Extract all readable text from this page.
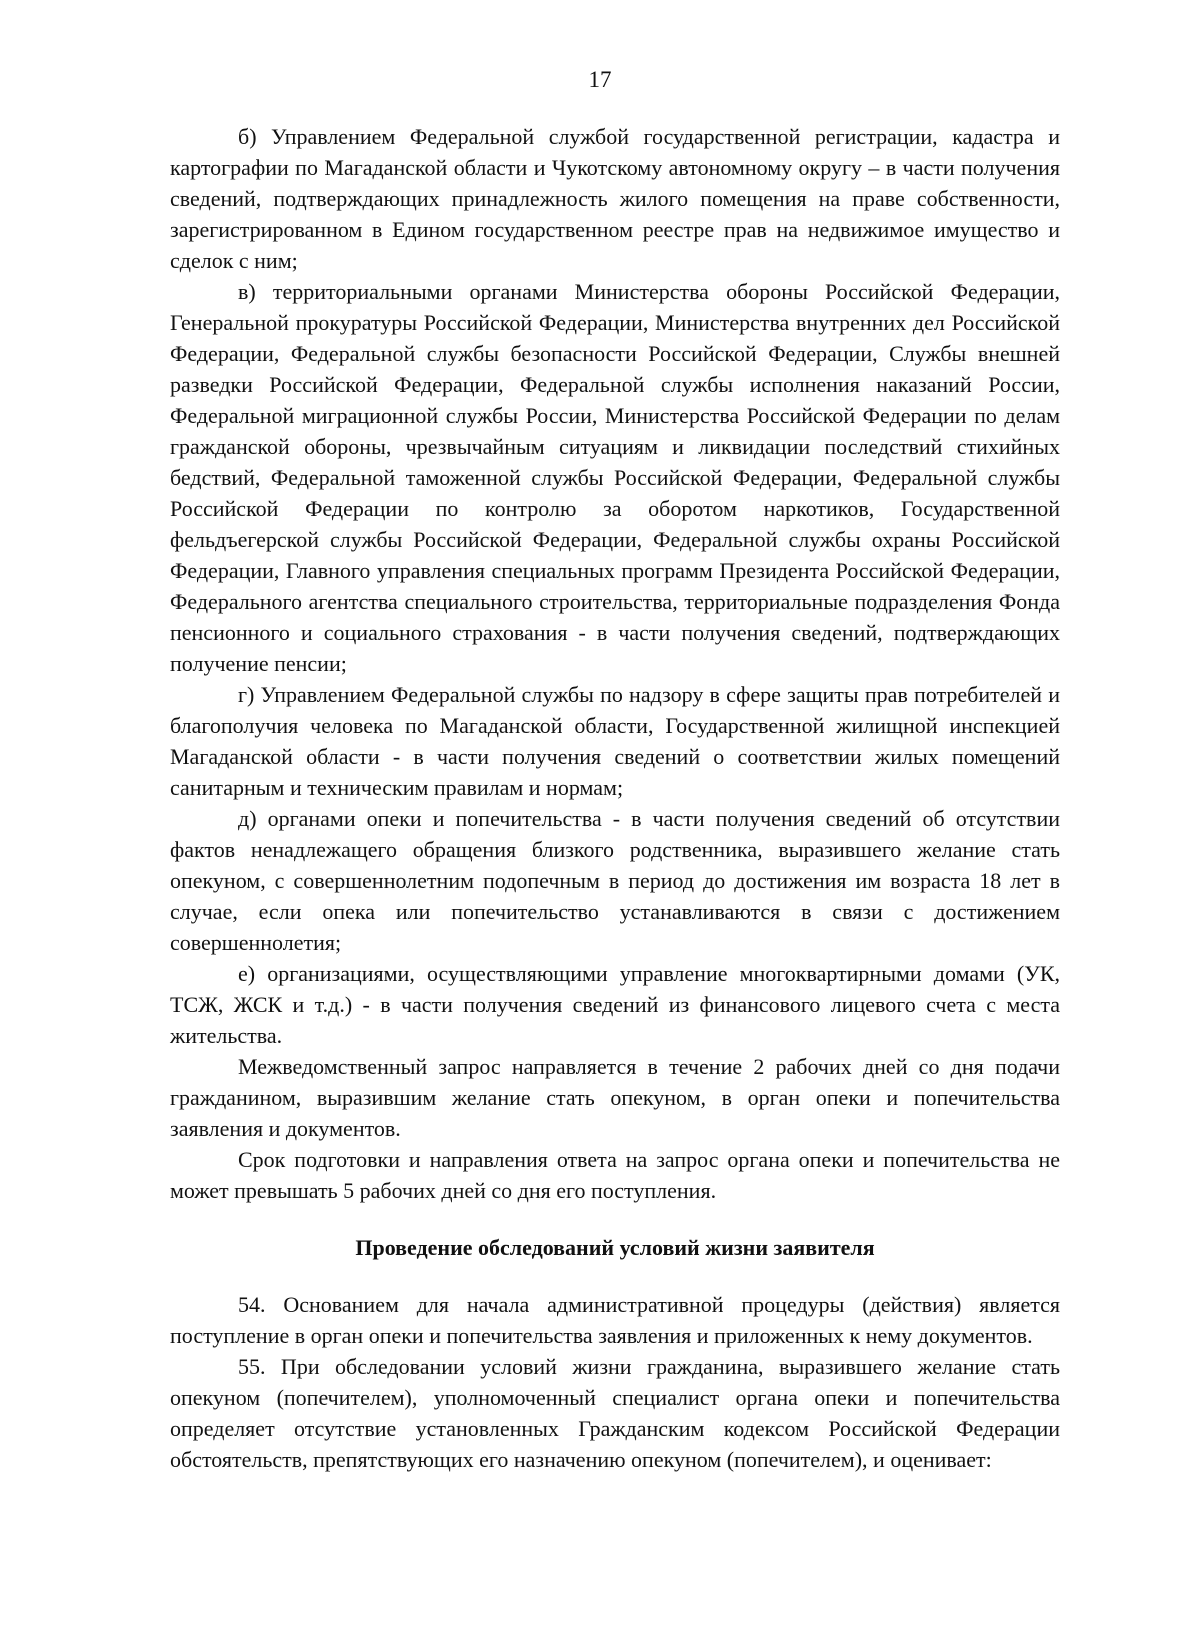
17

б) Управлением Федеральной службой государственной регистрации, кадастра и картографии по Магаданской области и Чукотскому автономному округу – в части получения сведений, подтверждающих принадлежность жилого помещения на праве собственности, зарегистрированном в Едином государственном реестре прав на недвижимое имущество и сделок с ним;

в) территориальными органами Министерства обороны Российской Федерации, Генеральной прокуратуры Российской Федерации, Министерства внутренних дел Российской Федерации, Федеральной службы безопасности Российской Федерации, Службы внешней разведки Российской Федерации, Федеральной службы исполнения наказаний России, Федеральной миграционной службы России, Министерства Российской Федерации по делам гражданской обороны, чрезвычайным ситуациям и ликвидации последствий стихийных бедствий, Федеральной таможенной службы Российской Федерации, Федеральной службы Российской Федерации по контролю за оборотом наркотиков, Государственной фельдъегерской службы Российской Федерации, Федеральной службы охраны Российской Федерации, Главного управления специальных программ Президента Российской Федерации, Федерального агентства специального строительства, территориальные подразделения Фонда пенсионного и социального страхования - в части получения сведений, подтверждающих получение пенсии;

г) Управлением Федеральной службы по надзору в сфере защиты прав потребителей и благополучия человека по Магаданской области, Государственной жилищной инспекцией Магаданской области - в части получения сведений о соответствии жилых помещений санитарным и техническим правилам и нормам;

д) органами опеки и попечительства - в части получения сведений об отсутствии фактов ненадлежащего обращения близкого родственника, выразившего желание стать опекуном, с совершеннолетним подопечным в период до достижения им возраста 18 лет в случае, если опека или попечительство устанавливаются в связи с достижением совершеннолетия;

е) организациями, осуществляющими управление многоквартирными домами (УК, ТСЖ, ЖСК и т.д.) - в части получения сведений из финансового лицевого счета с места жительства.

Межведомственный запрос направляется в течение 2 рабочих дней со дня подачи гражданином, выразившим желание стать опекуном, в орган опеки и попечительства заявления и документов.

Срок подготовки и направления ответа на запрос органа опеки и попечительства не может превышать 5 рабочих дней со дня его поступления.

Проведение обследований условий жизни заявителя

54. Основанием для начала административной процедуры (действия) является поступление в орган опеки и попечительства заявления и приложенных к нему документов.

55. При обследовании условий жизни гражданина, выразившего желание стать опекуном (попечителем), уполномоченный специалист органа опеки и попечительства определяет отсутствие установленных Гражданским кодексом Российской Федерации обстоятельств, препятствующих его назначению опекуном (попечителем), и оценивает:
